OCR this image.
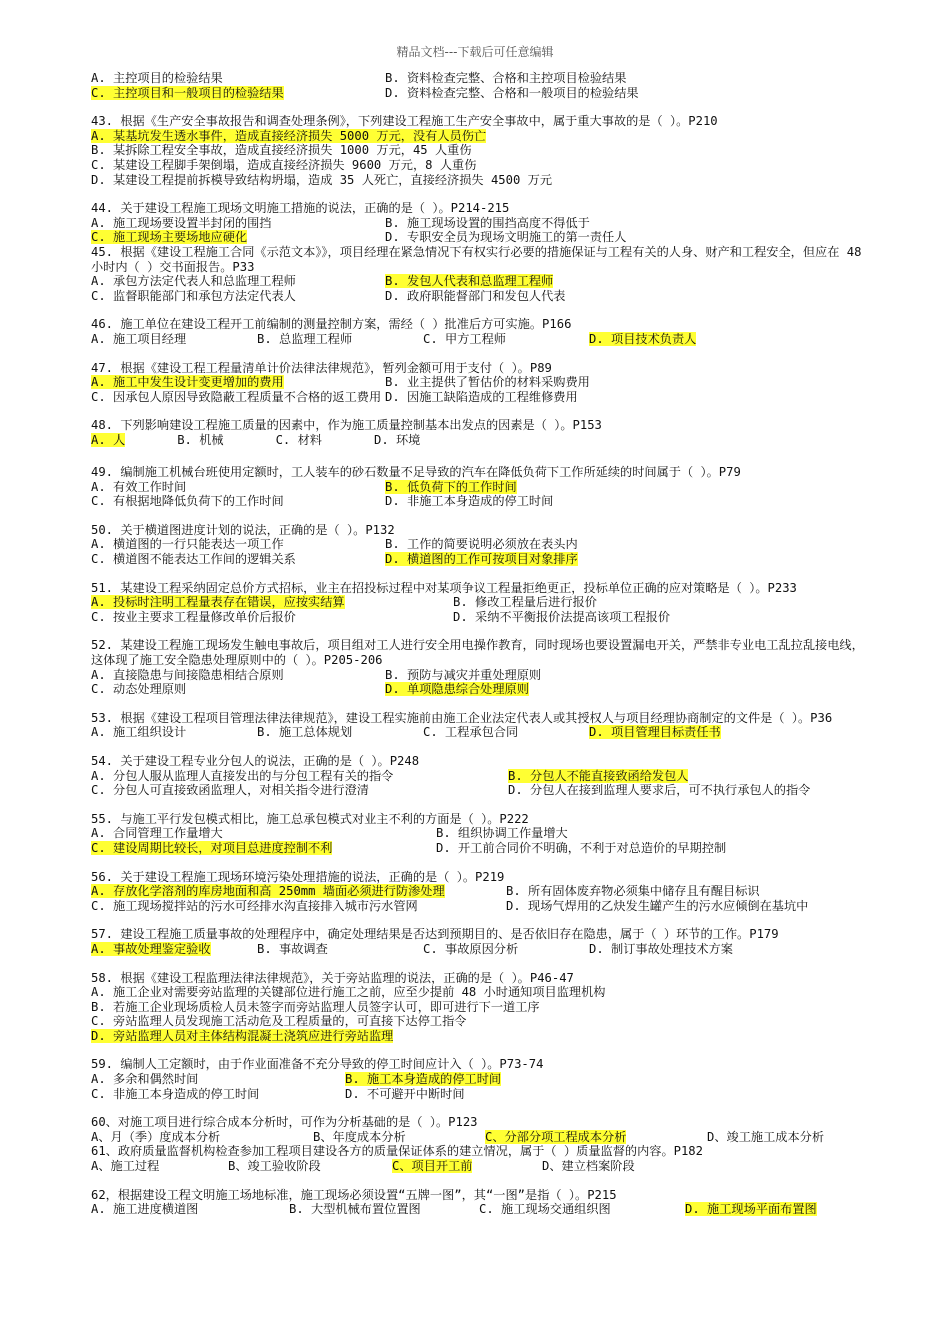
精品文档---下载后可任意编辑
A. 主控项目的检验结果	B. 资料检查完整、合格和主控项目检验结果
C. 主控项目和一般项目的检验结果	D. 资料检查完整、合格和一般项目的检验结果
43. 根据《生产安全事故报告和调查处理条例》，下列建设工程施工生产安全事故中，属于重大事故的是（ ）。P210
A. 某基坑发生透水事件，造成直接经济损失 5000 万元，没有人员伤亡
B. 某拆除工程安全事故，造成直接经济损失 1000 万元，45 人重伤
C. 某建设工程脚手架倒塌，造成直接经济损失 9600 万元，8 人重伤
D. 某建设工程提前拆模导致结构坍塌，造成 35 人死亡，直接经济损失 4500 万元
44. 关于建设工程施工现场文明施工措施的说法，正确的是（ ）。P214-215
A. 施工现场要设置半封闭的围挡	B. 施工现场设置的围挡高度不得低于
C. 施工现场主要场地应硬化	D. 专职安全员为现场文明施工的第一责任人
45. 根据《建设工程施工合同《示范文本》》，项目经理在紧急情况下有权实行必要的措施保证与工程有关的人身、财产和工程安全，但应在 48 小时内（ ）交书面报告。P33
A. 承包方法定代表人和总监理工程师	B. 发包人代表和总监理工程师
C. 监督职能部门和承包方法定代表人	D. 政府职能督部门和发包人代表
46. 施工单位在建设工程开工前编制的测量控制方案，需经（ ）批准后方可实施。P166
A. 施工项目经理	B. 总监理工程师	C. 甲方工程师	D. 项目技术负责人
47. 根据《建设工程工程量清单计价法律法律规范》，暂列金额可用于支付（ ）。P89
A. 施工中发生设计变更增加的费用	B. 业主提供了暂估价的材料采购费用
C. 因承包人原因导致隐蔽工程质量不合格的返工费用 D. 因施工缺陷造成的工程维修费用
48. 下列影响建设工程施工质量的因素中，作为施工质量控制基本出发点的因素是（ ）。P153
A. 人	B. 机械	C. 材料	D. 环境
49. 编制施工机械台班使用定额时，工人装车的砂石数量不足导致的汽车在降低负荷下工作所延续的时间属于（ ）。P79
A. 有效工作时间	B. 低负荷下的工作时间
C. 有根据地降低负荷下的工作时间	D. 非施工本身造成的停工时间
50. 关于横道图进度计划的说法，正确的是（ ）。P132
A. 横道图的一行只能表达一项工作	B. 工作的简要说明必须放在表头内
C. 横道图不能表达工作间的逻辑关系	D. 横道图的工作可按项目对象排序
51. 某建设工程采纳固定总价方式招标，业主在招投标过程中对某项争议工程量拒绝更正，投标单位正确的应对策略是（ ）。P233
A. 投标时注明工程量表存在错误，应按实结算	B. 修改工程量后进行报价
C. 按业主要求工程量修改单价后报价	D. 采纳不平衡报价法提高该项工程报价
52. 某建设工程施工现场发生触电事故后，项目组对工人进行安全用电操作教育，同时现场也要设置漏电开关，严禁非专业电工乱拉乱接电线，这体现了施工安全隐患处理原则中的（ ）。P205-206
A. 直接隐患与间接隐患相结合原则	B. 预防与减灾并重处理原则
C. 动态处理原则	D. 单项隐患综合处理原则
53. 根据《建设工程项目管理法律法律规范》，建设工程实施前由施工企业法定代表人或其授权人与项目经理协商制定的文件是（ ）。P36
A. 施工组织设计	B. 施工总体规划	C. 工程承包合同	D. 项目管理目标责任书
54. 关于建设工程专业分包人的说法，正确的是（ ）。P248
A. 分包人服从监理人直接发出的与分包工程有关的指令	B. 分包人不能直接致函给发包人
C. 分包人可直接致函监理人，对相关指令进行澄清	D. 分包人在接到监理人要求后，可不执行承包人的指令
55. 与施工平行发包模式相比，施工总承包模式对业主不利的方面是（ ）。P222
A. 合同管理工作量增大	B. 组织协调工作量增大
C. 建设周期比较长，对项目总进度控制不利	D. 开工前合同价不明确，不利于对总造价的早期控制
56. 关于建设工程施工现场环境污染处理措施的说法，正确的是（ ）。P219
A. 存放化学溶剂的库房地面和高 250mm 墙面必须进行防渗处理	B. 所有固体废弃物必须集中储存且有醒目标识
C. 施工现场搅拌站的污水可经排水沟直接排入城市污水管网	D. 现场气焊用的乙炔发生罐产生的污水应倾倒在基坑中
57. 建设工程施工质量事故的处理程序中，确定处理结果是否达到预期目的、是否依旧存在隐患，属于（ ）环节的工作。P179
A. 事故处理鉴定验收	B. 事故调查	C. 事故原因分析	D. 制订事故处理技术方案
58. 根据《建设工程监理法律法律规范》，关于旁站监理的说法，正确的是（ ）。P46-47
A. 施工企业对需要旁站监理的关键部位进行施工之前，应至少提前 48 小时通知项目监理机构
B. 若施工企业现场质检人员未签字而旁站监理人员签字认可，即可进行下一道工序
C. 旁站监理人员发现施工活动危及工程质量的，可直接下达停工指令
D. 旁站监理人员对主体结构混凝土浇筑应进行旁站监理
59. 编制人工定额时，由于作业面准备不充分导致的停工时间应计入（ ）。P73-74
A. 多余和偶然时间	B. 施工本身造成的停工时间
C. 非施工本身造成的停工时间	D. 不可避开中断时间
60、对施工项目进行综合成本分析时，可作为分析基础的是（ ）。P123
A、月（季）度成本分析	B、年度成本分析	C、分部分项工程成本分析	D、竣工施工成本分析
61、政府质量监督机构检查参加工程项目建设各方的质量保证体系的建立情况，属于（ ）质量监督的内容。P182
A、施工过程	B、竣工验收阶段	C、项目开工前	D、建立档案阶段
62，根据建设工程文明施工场地标准，施工现场必须设置“五牌一图”，其“一图”是指（ ）。P215
A. 施工进度横道图	B. 大型机械布置位置图	C. 施工现场交通组织图	D. 施工现场平面布置图
